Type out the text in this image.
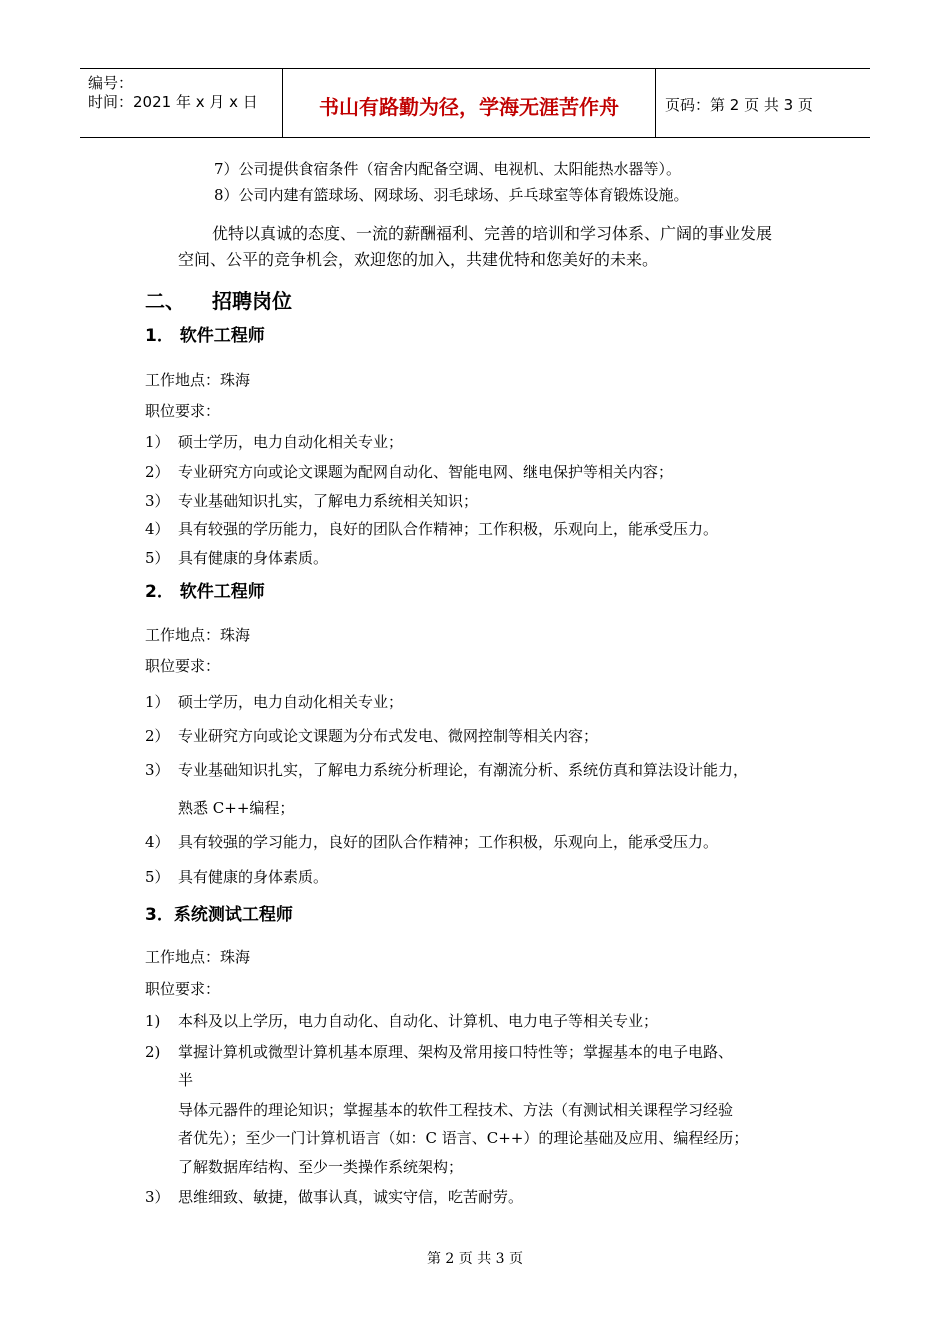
编号：
时间：2021 年 x 月 x 日	书山有路勤为径，学海无涯苦作舟	页码：第 2 页 共 3 页
7）公司提供食宿条件（宿舍内配备空调、电视机、太阳能热水器等）。
8）公司内建有篮球场、网球场、羽毛球场、乒乓球室等体育锻炼设施。
优特以真诚的态度、一流的薪酬福利、完善的培训和学习体系、广阔的事业发展
空间、公平的竞争机会，欢迎您的加入，共建优特和您美好的未来。
二、 招聘岗位
1． 软件工程师
工作地点：珠海
职位要求：
1） 硕士学历，电力自动化相关专业；
2） 专业研究方向或论文课题为配网自动化、智能电网、继电保护等相关内容；
3） 专业基础知识扎实，了解电力系统相关知识；
4） 具有较强的学历能力，良好的团队合作精神；工作积极，乐观向上，能承受压力。
5） 具有健康的身体素质。
2． 软件工程师
工作地点：珠海
职位要求：
1） 硕士学历，电力自动化相关专业；
2） 专业研究方向或论文课题为分布式发电、微网控制等相关内容；
3） 专业基础知识扎实，了解电力系统分析理论，有潮流分析、系统仿真和算法设计能力，
熟悉 C++编程；
4） 具有较强的学习能力，良好的团队合作精神；工作积极，乐观向上，能承受压力。
5） 具有健康的身体素质。
3．系统测试工程师
工作地点：珠海
职位要求：
1) 本科及以上学历，电力自动化、自动化、计算机、电力电子等相关专业；
2) 掌握计算机或微型计算机基本原理、架构及常用接口特性等；掌握基本的电子电路、
半
导体元器件的理论知识；掌握基本的软件工程技术、方法（有测试相关课程学习经验
者优先）；至少一门计算机语言（如：C 语言、C++）的理论基础及应用、编程经历；
了解数据库结构、至少一类操作系统架构；
3） 思维细致、敏捷，做事认真，诚实守信，吃苦耐劳。
第 2 页 共 3 页
